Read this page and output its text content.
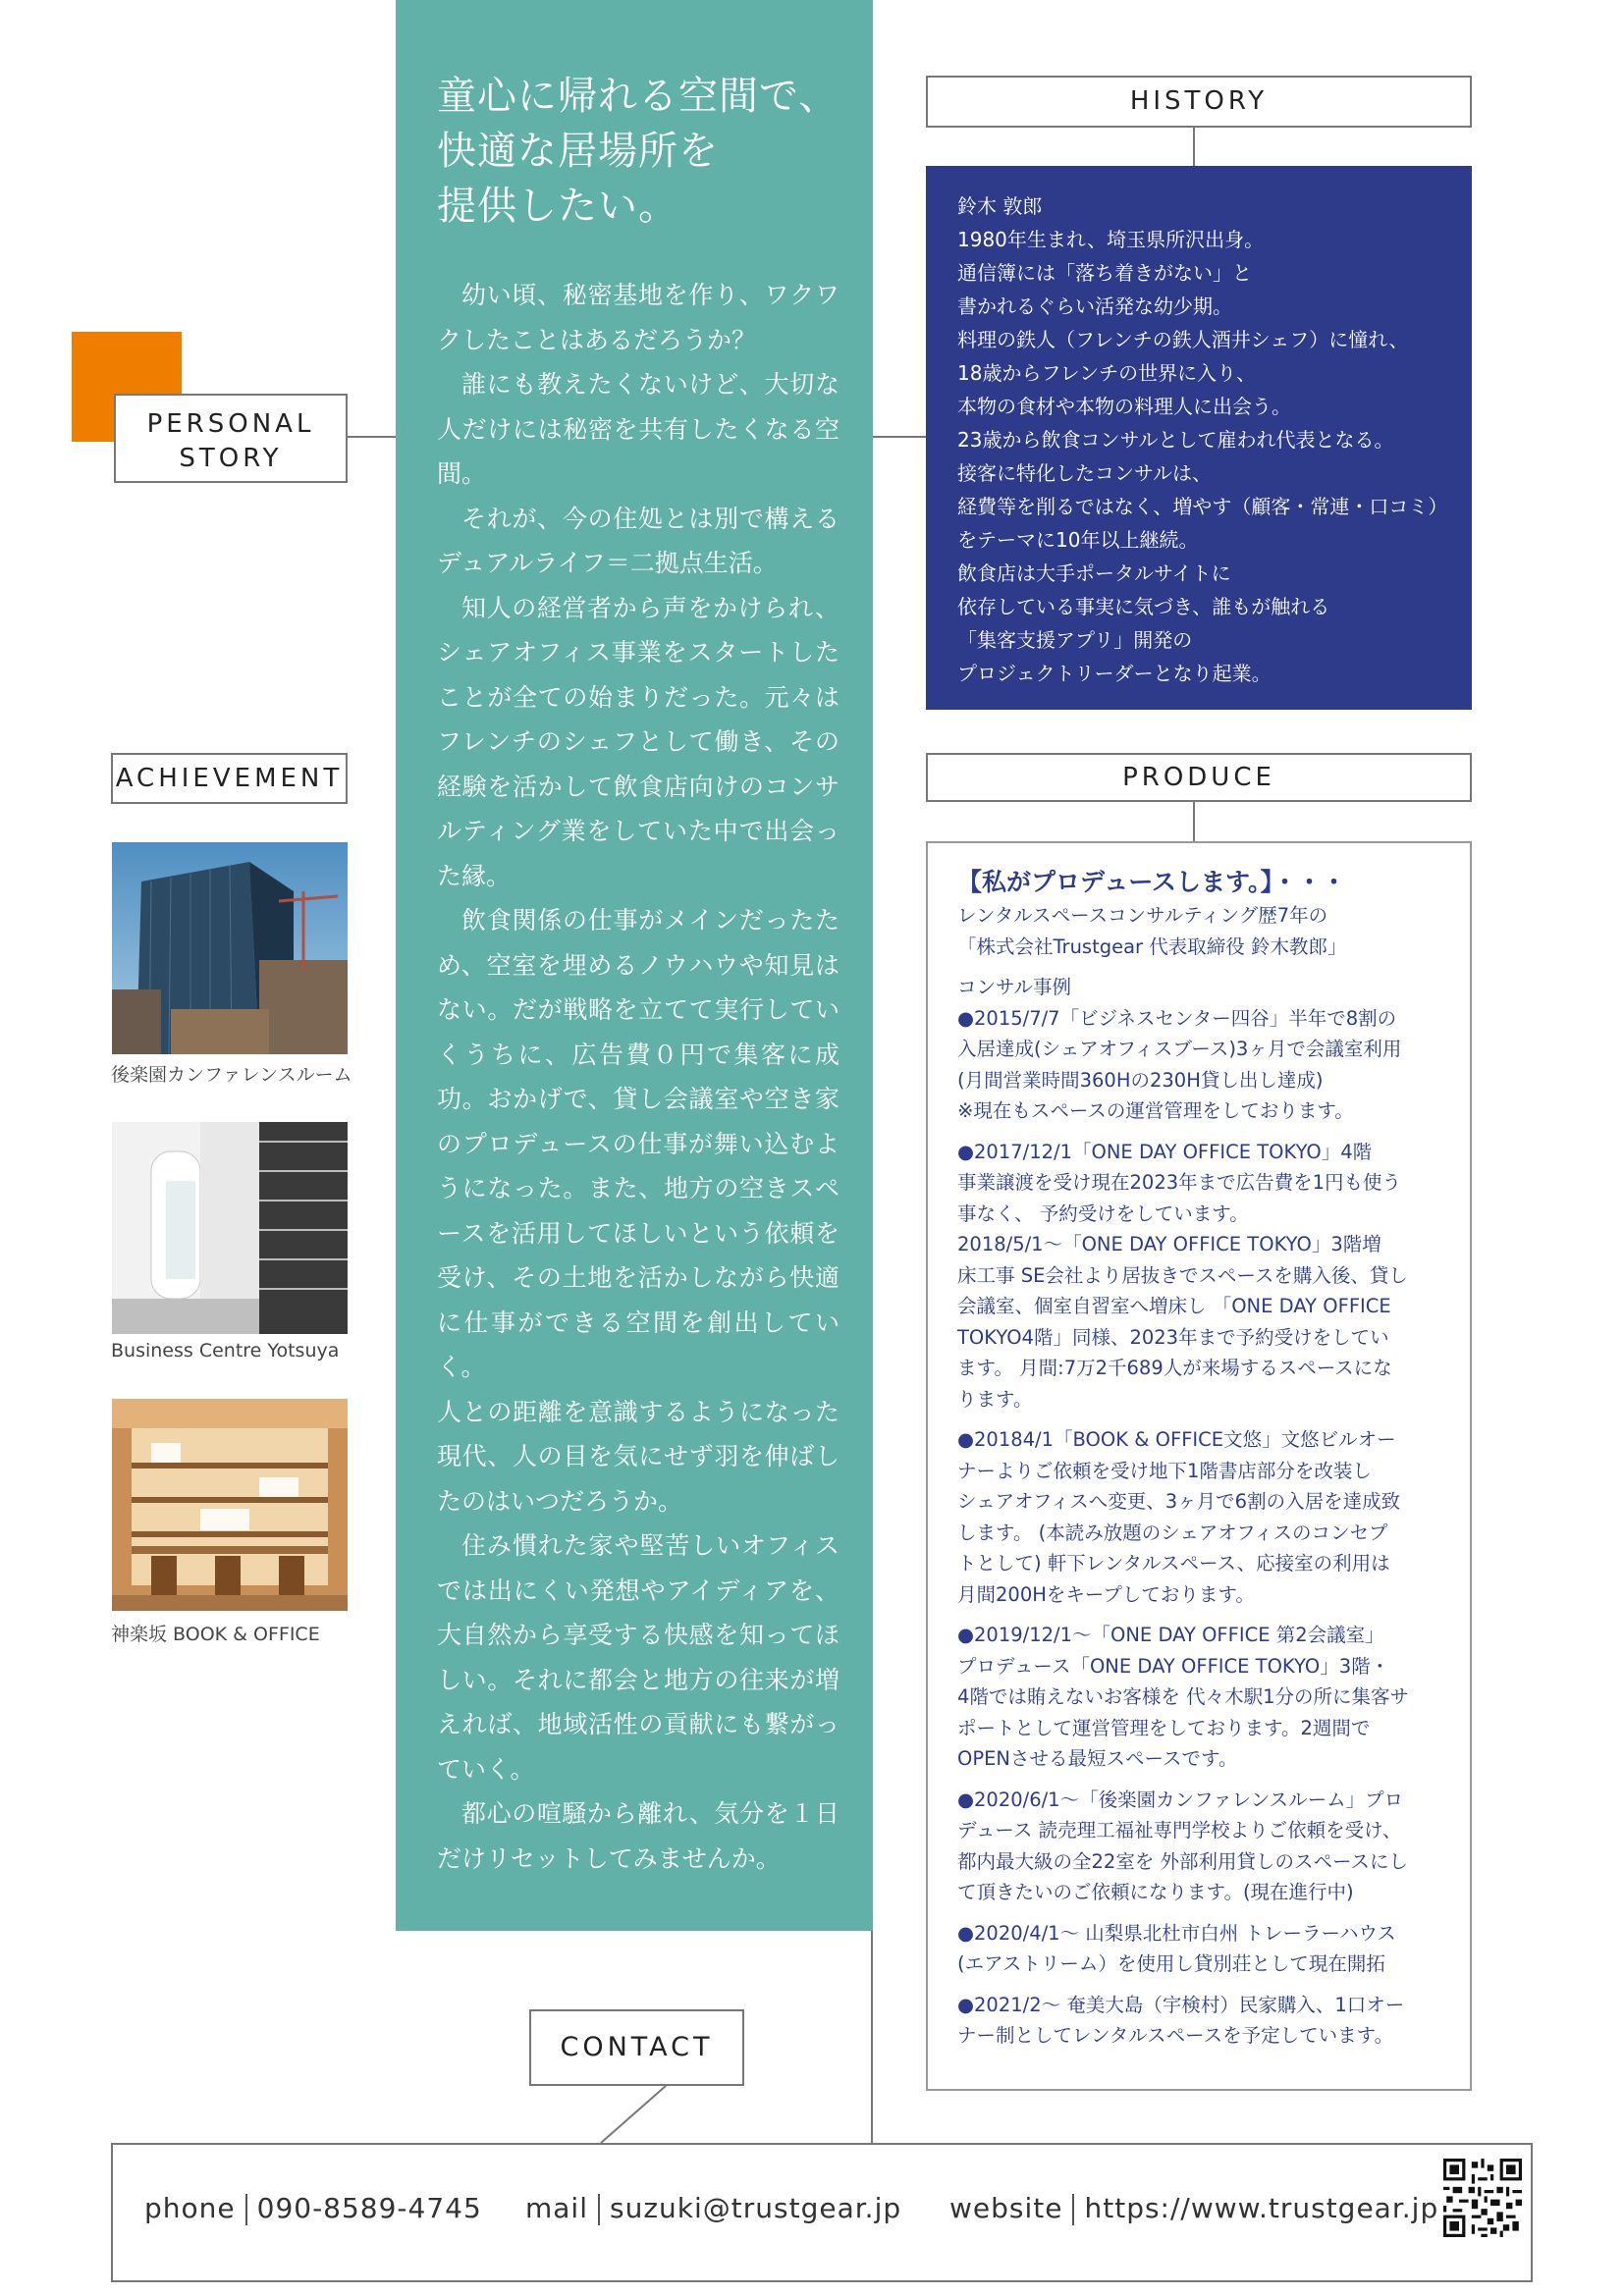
PERSONAL
STORY
童心に帰れる空間で、
快適な居場所を
提供したい。

幼い頃、秘密基地を作り、ワクワクしたことはあるだろうか？

誰にも教えたくないけど、大切な人だけには秘密を共有したくなる空間。

それが、今の住処とは別で構えるデュアルライフ＝二拠点生活。

知人の経営者から声をかけられ、シェアオフィス事業をスタートしたことが全ての始まりだった。元々はフレンチのシェフとして働き、その経験を活かして飲食店向けのコンサルティング業をしていた中で出会った縁。

飲食関係の仕事がメインだったため、空室を埋めるノウハウや知見はない。だが戦略を立てて実行していくうちに、広告費０円で集客に成功。おかげで、貸し会議室や空き家のプロデュースの仕事が舞い込むようになった。また、地方の空きスペースを活用してほしいという依頼を受け、その土地を活かしながら快適に仕事ができる空間を創出していく。

人との距離を意識するようになった現代、人の目を気にせず羽を伸ばしたのはいつだろうか。

住み慣れた家や堅苦しいオフィスでは出にくい発想やアイディアを、大自然から享受する快感を知ってほしい。それに都会と地方の往来が増えれば、地域活性の貢献にも繋がっていく。

都心の喧騒から離れ、気分を１日だけリセットしてみませんか。

HISTORY
鈴木 敦郎
1980年生まれ、埼玉県所沢出身。
通信簿には「落ち着きがない」と
書かれるぐらい活発な幼少期。
料理の鉄人（フレンチの鉄人酒井シェフ）に憧れ、
18歳からフレンチの世界に入り、
本物の食材や本物の料理人に出会う。
23歳から飲食コンサルとして雇われ代表となる。
接客に特化したコンサルは、
経費等を削るではなく、増やす（顧客・常連・口コミ）
をテーマに10年以上継続。
飲食店は大手ポータルサイトに
依存している事実に気づき、誰もが触れる
「集客支援アプリ」開発の
プロジェクトリーダーとなり起業。
PRODUCE
【私がプロデュースします。】・・・
レンタルスペースコンサルティング歴7年の
「株式会社Trustgear 代表取締役 鈴木教郎」
コンサル事例
●2015/7/7「ビジネスセンター四谷」半年で8割の
入居達成(シェアオフィスブース)3ヶ月で会議室利用
(月間営業時間360Hの230H貸し出し達成)
※現在もスペースの運営管理をしております。
●2017/12/1「ONE DAY OFFICE TOKYO」4階
事業譲渡を受け現在2023年まで広告費を1円も使う
事なく、 予約受けをしています。
2018/5/1～「ONE DAY OFFICE TOKYO」3階増
床工事 SE会社より居抜きでスペースを購入後、貸し
会議室、個室自習室へ増床し 「ONE DAY OFFICE
TOKYO4階」同様、2023年まで予約受けをしてい
ます。 月間:7万2千689人が来場するスペースにな
ります。
●20184/1「BOOK & OFFICE文悠」文悠ビルオー
ナーよりご依頼を受け地下1階書店部分を改装し
シェアオフィスへ変更、3ヶ月で6割の入居を達成致
します。 (本読み放題のシェアオフィスのコンセプ
トとして) 軒下レンタルスペース、応接室の利用は
月間200Hをキープしております。
●2019/12/1～「ONE DAY OFFICE 第2会議室」
プロデュース「ONE DAY OFFICE TOKYO」3階・
4階では賄えないお客様を 代々木駅1分の所に集客サ
ポートとして運営管理をしております。2週間で
OPENさせる最短スペースです。
●2020/6/1～「後楽園カンファレンスルーム」プロ
デュース 読売理工福祉専門学校よりご依頼を受け、
都内最大級の全22室を 外部利用貸しのスペースにし
て頂きたいのご依頼になります。(現在進行中)
●2020/4/1～ 山梨県北杜市白州 トレーラーハウス
(エアストリーム）を使用し貸別荘として現在開拓
●2021/2～ 奄美大島（宇検村）民家購入、1口オー
ナー制としてレンタルスペースを予定しています。
ACHIEVEMENT
後楽園カンファレンスルーム
Business Centre Yotsuya
神楽坂 BOOK & OFFICE
CONTACT
phone 090-8589-4745 mail suzuki@trustgear.jp website https://www.trustgear.jp
